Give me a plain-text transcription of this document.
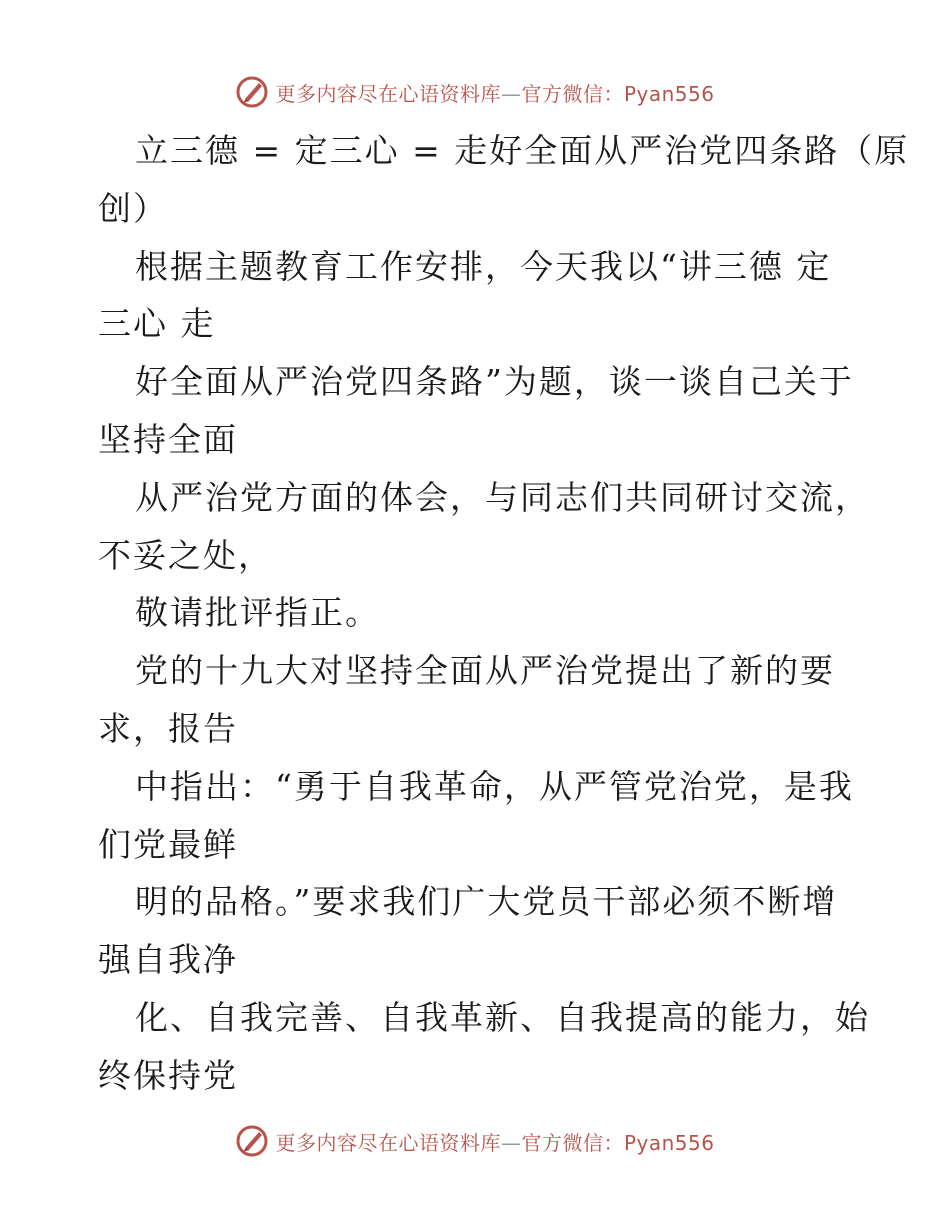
更多内容尽在心语资料库—官方微信：Pyan556
立三德 = 定三心 = 走好全面从严治党四条路（原
创）
根据主题教育工作安排，今天我以“讲三德 定
三心 走
好全面从严治党四条路”为题，谈一谈自己关于
坚持全面
从严治党方面的体会，与同志们共同研讨交流，
不妥之处，
敬请批评指正。
党的十九大对坚持全面从严治党提出了新的要
求，报告
中指出：“勇于自我革命，从严管党治党，是我
们党最鲜
明的品格。”要求我们广大党员干部必须不断增
强自我净
化、自我完善、自我革新、自我提高的能力，始
终保持党
更多内容尽在心语资料库—官方微信：Pyan556
